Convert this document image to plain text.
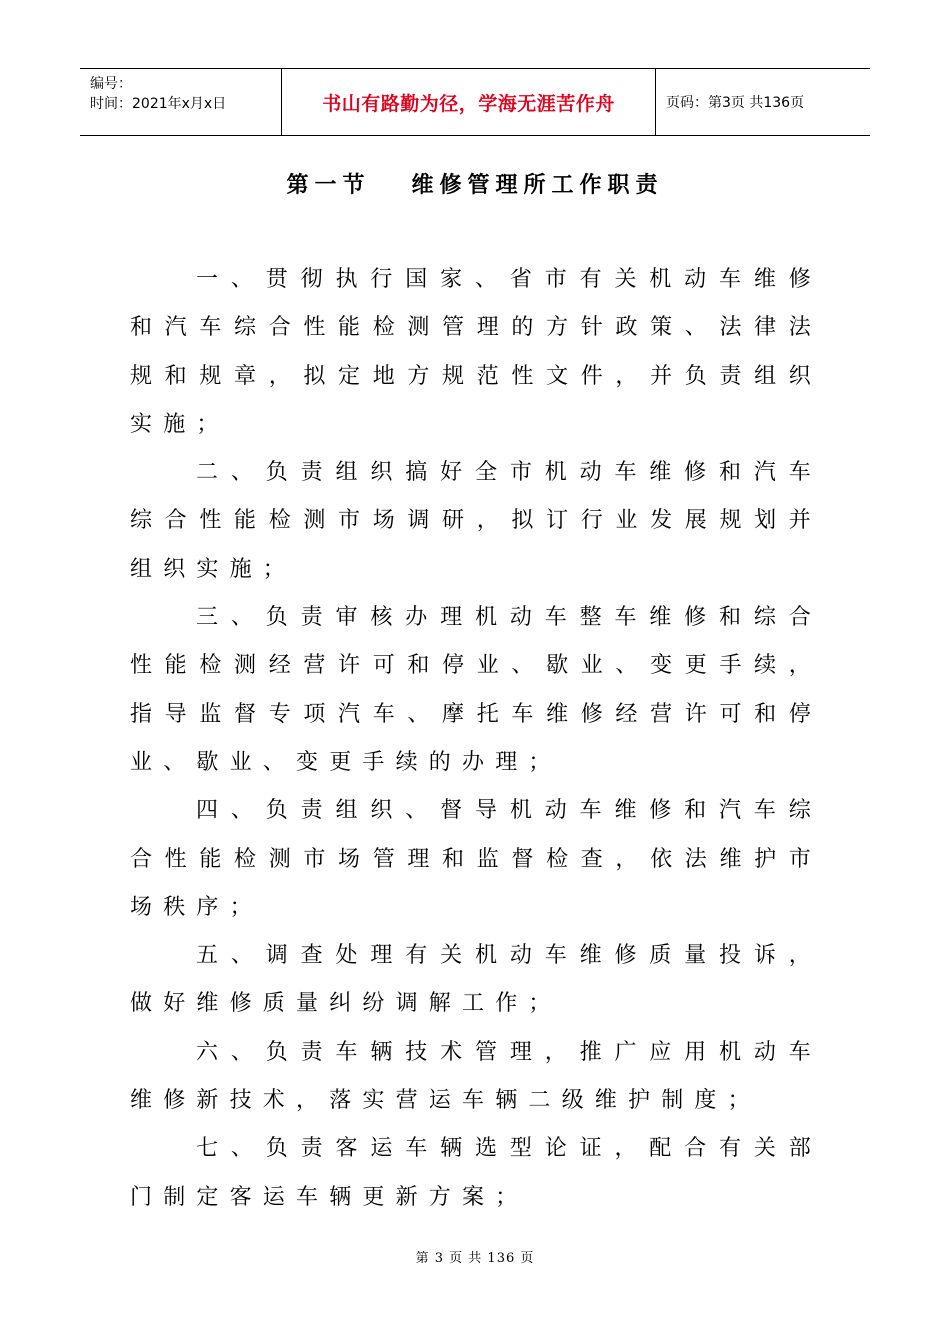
编号：
时间：2021年x月x日	书山有路勤为径，学海无涯苦作舟	页码：第3页 共136页
第一节   维修管理所工作职责

一、贯彻执行国家、省市有关机动车维修和汽车综合性能检测管理的方针政策、法律法规和规章，拟定地方规范性文件，并负责组织实施；

二、负责组织搞好全市机动车维修和汽车综合性能检测市场调研，拟订行业发展规划并组织实施；

三、负责审核办理机动车整车维修和综合性能检测经营许可和停业、歇业、变更手续，指导监督专项汽车、摩托车维修经营许可和停业、歇业、变更手续的办理；

四、负责组织、督导机动车维修和汽车综合性能检测市场管理和监督检查，依法维护市场秩序；

五、调查处理有关机动车维修质量投诉，做好维修质量纠纷调解工作；

六、负责车辆技术管理，推广应用机动车维修新技术，落实营运车辆二级维护制度；

七、负责客运车辆选型论证，配合有关部门制定客运车辆更新方案；

第 3 页 共 136 页
